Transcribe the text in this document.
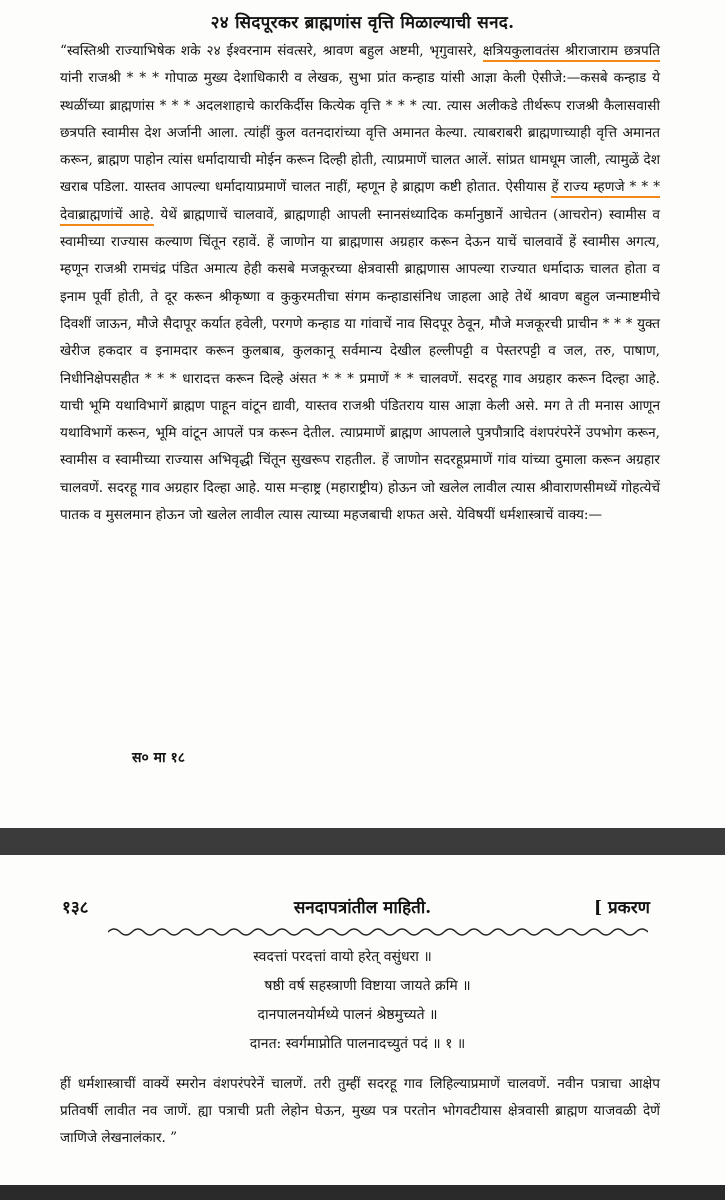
२४ सिदपूरकर ब्राह्मणांस वृत्ति मिळाल्याची सनद.

“स्वस्तिश्री राज्याभिषेक शके २४ ईश्वरनाम संवत्सरे, श्रावण बहुल अष्टमी, भृगुवासरे, क्षत्रियकुलावतंस श्रीराजाराम छत्रपति यांनी राजश्री * * * गोपाळ मुख्य देशाधिकारी व लेखक, सुभा प्रांत कन्हाड यांसी आज्ञा केली ऐसीजे:—कसबे कन्हाड ये स्थळींच्या ब्राह्मणांस * * * अदलशाहाचे कारकिर्दीस कित्येक वृत्ति * * * त्या. त्यास अलीकडे तीर्थरूप राजश्री कैलासवासी छत्रपति स्वामीस देश अर्जानी आला. त्यांहीं कुल वतनदारांच्या वृत्ति अमानत केल्या. त्याबराबरी ब्राह्मणाच्याही वृत्ति अमानत करून, ब्राह्मण पाहोन त्यांस धर्मादायाची मोईन करून दिल्ही होती, त्याप्रमाणें चालत आलें. सांप्रत धामधूम जाली, त्यामुळें देश खराब पडिला. यास्तव आपल्या धर्मादायाप्रमाणें चालत नाहीं, म्हणून हे ब्राह्मण कष्टी होतात. ऐसीयास हें राज्य म्हणजे * * * देवाब्राह्मणांचें आहे. येथें ब्राह्मणाचें चालवावें, ब्राह्मणाही आपली स्नानसंध्यादिक कर्मानुष्ठानें आचेतन (आचरोन) स्वामीस व स्वामीच्या राज्यास कल्याण चिंतून रहावें. हें जाणोन या ब्राह्मणास अग्रहार करून देऊन याचें चालवावें हें स्वामीस अगत्य, म्हणून राजश्री रामचंद्र पंडित अमात्य हेही कसबे मजकूरच्या क्षेत्रवासी ब्राह्मणास आपल्या राज्यात धर्मादाऊ चालत होता व इनाम पूर्वी होती, ते दूर करून श्रीकृष्णा व कुकुरमतीचा संगम कन्हाडासंनिध जाहला आहे तेथें श्रावण बहुल जन्माष्टमीचे दिवशीं जाऊन, मौजे सैदापूर कर्यात हवेली, परगणे कन्हाड या गांवाचें नाव सिदपूर ठेवून, मौजे मजकूरची प्राचीन * * * युक्त खेरीज हकदार व इनामदार करून कुलबाब, कुलकानू सर्वमान्य देखील हल्लीपट्टी व पेस्तरपट्टी व जल, तरु, पाषाण, निधीनिक्षेपसहीत * * * धारादत्त करून दिल्हे अंसत * * * प्रमाणें * * चालवणें. सदरहू गाव अग्रहार करून दिल्हा आहे. याची भूमि यथाविभागें ब्राह्मण पाहून वांटून द्यावी, यास्तव राजश्री पंडितराय यास आज्ञा केली असे. मग ते ती मनास आणून यथाविभागें करून, भूमि वांटून आपलें पत्र करून देतील. त्याप्रमाणें ब्राह्मण आपलाले पुत्रपौत्रादि वंशपरंपरेनें उपभोग करून, स्वामीस व स्वामीच्या राज्यास अभिवृद्धी चिंतून सुखरूप राहतील. हें जाणोन सदरहूप्रमाणें गांव यांच्या दुमाला करून अग्रहार चालवणें. सदरहू गाव अग्रहार दिल्हा आहे. यास मऱ्हाष्ट्र (महाराष्ट्रीय) होऊन जो खलेल लावील त्यास श्रीवाराणसीमध्यें गोहत्येचें पातक व मुसलमान होऊन जो खलेल लावील त्यास त्याच्या महजबाची शफत असे. येविषयीं धर्मशास्त्राचें वाक्य:—

स० मा १८
१३८	सनदापत्रांतील माहिती.	[ प्रकरण
स्वदत्तां परदत्तां वायो हरेत् वसुंधरा ॥
षष्ठी वर्ष सहस्त्राणी विष्टाया जायते क्रमि ॥
दानपालनयोर्मध्ये पालनं श्रेष्ठमुच्यते ॥
दानत: स्वर्गमाप्नोति पालनादच्युतं पदं ॥ १ ॥

हीं धर्मशास्त्राचीं वाक्यें स्मरोन वंशपरंपरेनें चालणें. तरी तुम्हीं सदरहू गाव लिहिल्याप्रमाणें चालवणें. नवीन पत्राचा आक्षेप प्रतिवर्षी लावीत नव जाणें. ह्या पत्राची प्रती लेहोन घेऊन, मुख्य पत्र परतोन भोगवटीयास क्षेत्रवासी ब्राह्मण याजवळी देणें जाणिजे लेखनालंकार. ”
